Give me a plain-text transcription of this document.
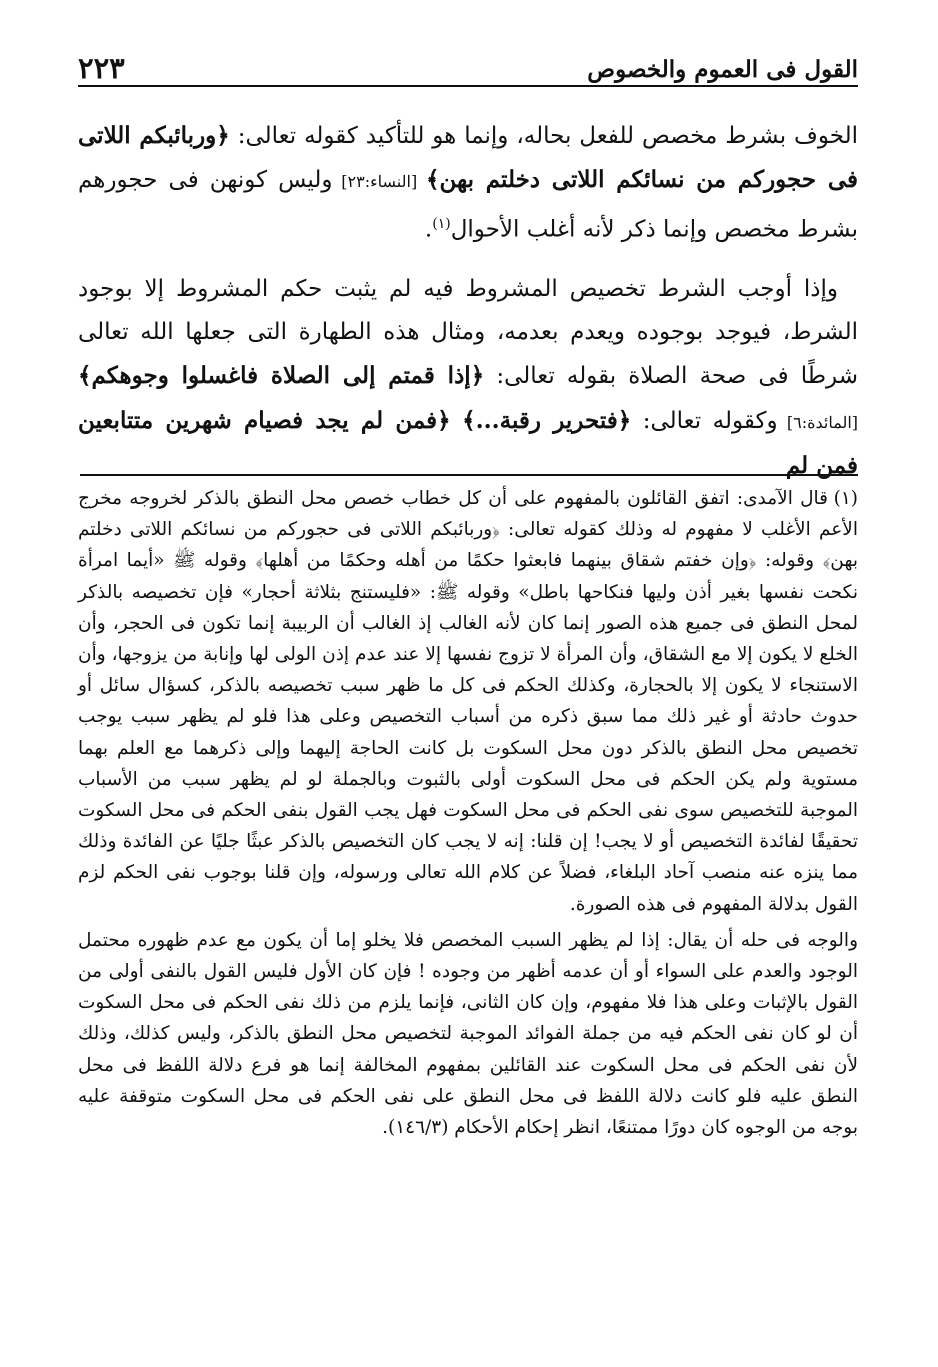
القول فى العموم والخصوص
٢٢٣

الخوف بشرط مخصص للفعل بحاله، وإنما هو للتأكيد كقوله تعالى: ﴿وربائبكم اللاتى فى حجوركم من نسائكم اللاتى دخلتم بهن﴾ [النساء:٢٣] وليس كونهن فى حجورهم بشرط مخصص وإنما ذكر لأنه أغلب الأحوال$^{(١)}$.

وإذا أوجب الشرط تخصيص المشروط فيه لم يثبت حكم المشروط إلا بوجود الشرط، فيوجد بوجوده ويعدم بعدمه، ومثال هذه الطهارة التى جعلها الله تعالى شرطًا فى صحة الصلاة بقوله تعالى: ﴿إذا قمتم إلى الصلاة فاغسلوا وجوهكم﴾ [المائدة:٦] وكقوله تعالى: ﴿فتحرير رقبة...﴾ ﴿فمن لم يجد فصيام شهرين متتابعين فمن لم

(١)قال الآمدى: اتفق القائلون بالمفهوم على أن كل خطاب خصص محل النطق بالذكر لخروجه مخرج الأعم الأغلب لا مفهوم له وذلك كقوله تعالى: ﴿وربائبكم اللاتى فى حجوركم من نسائكم اللاتى دخلتم بهن﴾ وقوله: ﴿وإن خفتم شقاق بينهما فابعثوا حكمًا من أهله وحكمًا من أهلها﴾ وقوله ﷺ «أيما امرأة نكحت نفسها بغير أذن وليها فنكاحها باطل» وقوله ﷺ: «فليستنج بثلاثة أحجار» فإن تخصيصه بالذكر لمحل النطق فى جميع هذه الصور إنما كان لأنه الغالب إذ الغالب أن الربيبة إنما تكون فى الحجر، وأن الخلع لا يكون إلا مع الشقاق، وأن المرأة لا تزوج نفسها إلا عند عدم إذن الولى لها وإنابة من يزوجها، وأن الاستنجاء لا يكون إلا بالحجارة، وكذلك الحكم فى كل ما ظهر سبب تخصيصه بالذكر، كسؤال سائل أو حدوث حادثة أو غير ذلك مما سبق ذكره من أسباب التخصيص وعلى هذا فلو لم يظهر سبب يوجب تخصيص محل النطق بالذكر دون محل السكوت بل كانت الحاجة إليهما وإلى ذكرهما مع العلم بهما مستوية ولم يكن الحكم فى محل السكوت أولى بالثبوت وبالجملة لو لم يظهر سبب من الأسباب الموجبة للتخصيص سوى نفى الحكم فى محل السكوت فهل يجب القول بنفى الحكم فى محل السكوت تحقيقًا لفائدة التخصيص أو لا يجب! إن قلنا: إنه لا يجب كان التخصيص بالذكر عبثًا جليًا عن الفائدة وذلك مما ينزه عنه منصب آحاد البلغاء، فضلاً عن كلام الله تعالى ورسوله، وإن قلنا بوجوب نفى الحكم لزم القول بدلالة المفهوم فى هذه الصورة.

والوجه فى حله أن يقال: إذا لم يظهر السبب المخصص فلا يخلو إما أن يكون مع عدم ظهوره محتمل الوجود والعدم على السواء أو أن عدمه أظهر من وجوده ! فإن كان الأول فليس القول بالنفى أولى من القول بالإثبات وعلى هذا فلا مفهوم، وإن كان الثانى، فإنما يلزم من ذلك نفى الحكم فى محل السكوت أن لو كان نفى الحكم فيه من جملة الفوائد الموجبة لتخصيص محل النطق بالذكر، وليس كذلك، وذلك لأن نفى الحكم فى محل السكوت عند القائلين بمفهوم المخالفة إنما هو فرع دلالة اللفظ فى محل النطق عليه فلو كانت دلالة اللفظ فى محل النطق على نفى الحكم فى محل السكوت متوقفة عليه بوجه من الوجوه كان دورًا ممتنعًا، انظر إحكام الأحكام (١٤٦/٣).
